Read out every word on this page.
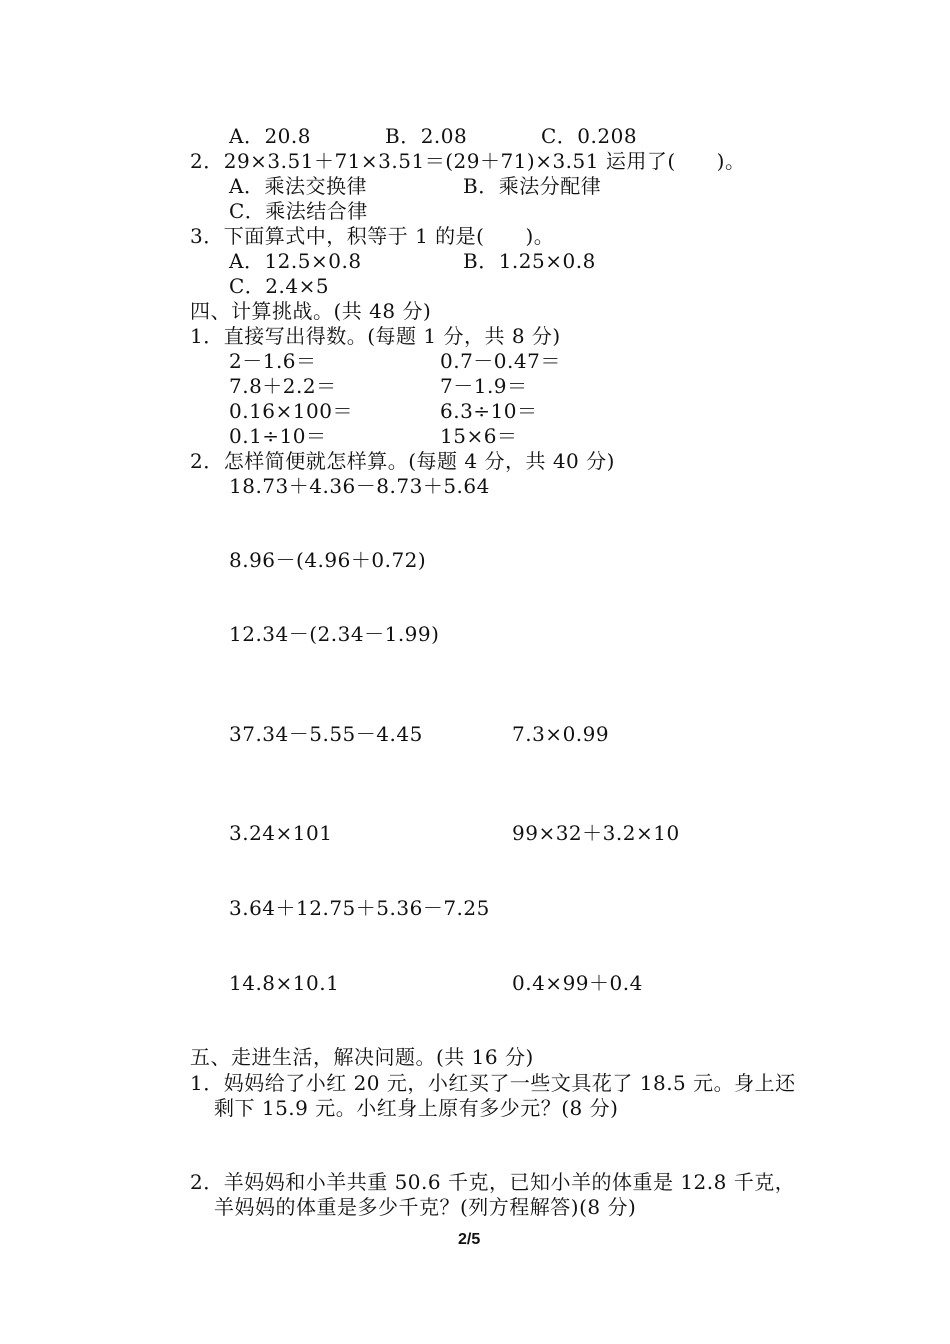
A．20.8	B．2.08	C．0.208
2．29×3.51＋71×3.51＝(29＋71)×3.51 运用了(　　)。
A．乘法交换律	B．乘法分配律
C．乘法结合律
3．下面算式中，积等于 1 的是(　　)。
A．12.5×0.8	B．1.25×0.8
C．2.4×5
四、计算挑战。(共 48 分)
1．直接写出得数。(每题 1 分，共 8 分)
2－1.6＝	0.7－0.47＝
7.8＋2.2＝	7－1.9＝
0.16×100＝	6.3÷10＝
0.1÷10＝	15×6＝
2．怎样简便就怎样算。(每题 4 分，共 40 分)
18.73＋4.36－8.73＋5.64
8.96－(4.96＋0.72)
12.34－(2.34－1.99)
37.34－5.55－4.45	7.3×0.99
3.24×101	99×32＋3.2×10
3.64＋12.75＋5.36－7.25
14.8×10.1	0.4×99＋0.4
五、走进生活，解决问题。(共 16 分)
1．妈妈给了小红 20 元，小红买了一些文具花了 18.5 元。身上还
剩下 15.9 元。小红身上原有多少元？(8 分)
2．羊妈妈和小羊共重 50.6 千克，已知小羊的体重是 12.8 千克，
羊妈妈的体重是多少千克？(列方程解答)(8 分)
2/5
